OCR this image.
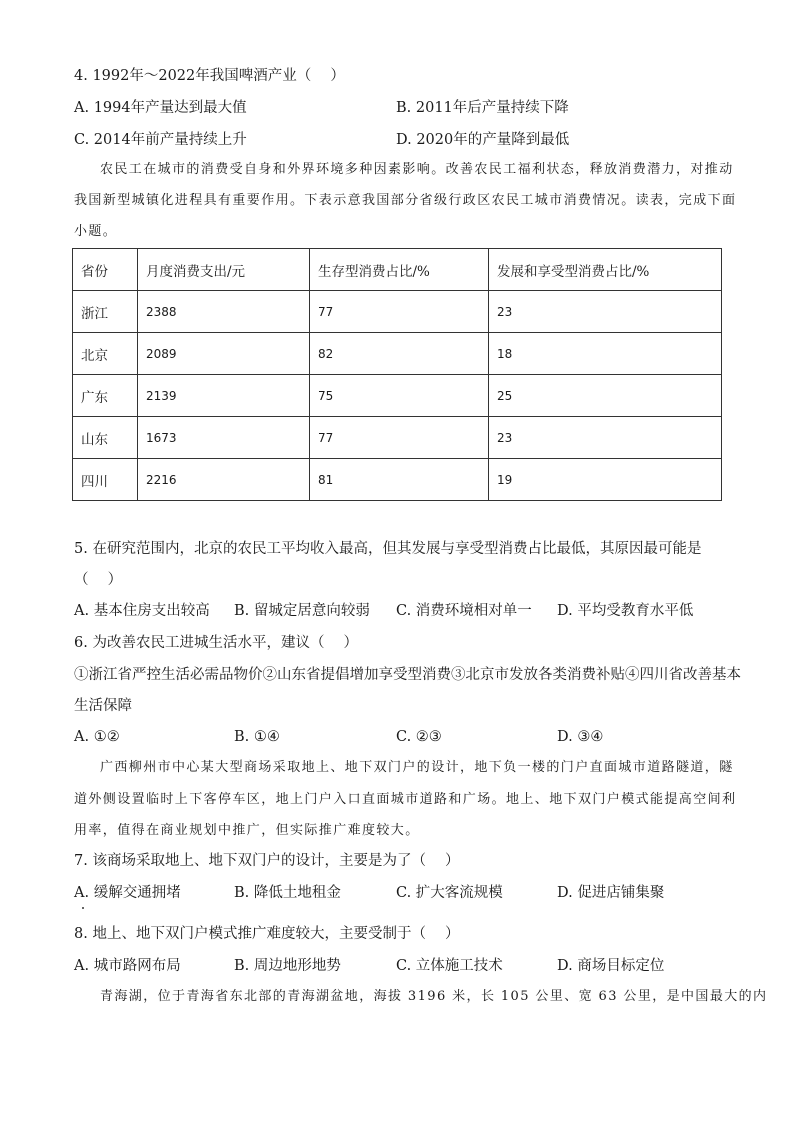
4. 1992年～2022年我国啤酒产业（　 ）
A. 1994年产量达到最大值	B. 2011年后产量持续下降
C. 2014年前产量持续上升	D. 2020年的产量降到最低
农民工在城市的消费受自身和外界环境多种因素影响。改善农民工福利状态，释放消费潜力，对推动
我国新型城镇化进程具有重要作用。下表示意我国部分省级行政区农民工城市消费情况。读表，完成下面
小题。
省份	月度消费支出/元	生存型消费占比/%	发展和享受型消费占比/%
浙江	2388	77	23
北京	2089	82	18
广东	2139	75	25
山东	1673	77	23
四川	2216	81	19
5. 在研究范围内，北京的农民工平均收入最高，但其发展与享受型消费占比最低，其原因最可能是
（　 ）
A. 基本住房支出较高 B. 留城定居意向较弱 C. 消费环境相对单一 D. 平均受教育水平低
6. 为改善农民工进城生活水平，建议（　 ）
①浙江省严控生活必需品物价②山东省提倡增加享受型消费③北京市发放各类消费补贴④四川省改善基本
生活保障
A. ①②	B. ①④	C. ②③	D. ③④
广西柳州市中心某大型商场采取地上、地下双门户的设计，地下负一楼的门户直面城市道路隧道，隧
道外侧设置临时上下客停车区，地上门户入口直面城市道路和广场。地上、地下双门户模式能提高空间利
用率，值得在商业规划中推广，但实际推广难度较大。
7. 该商场采取地上、地下双门户的设计，主要是为了（　 ）
A. 缓解交通拥堵	B. 降低土地租金	C. 扩大客流规模	D. 促进店铺集聚
8. 地上、地下双门户模式推广难度较大，主要受制于（　 ）
A. 城市路网布局	B. 周边地形地势	C. 立体施工技术	D. 商场目标定位
青海湖，位于青海省东北部的青海湖盆地，海拔 3196 米，长 105 公里、宽 63 公里，是中国最大的内
